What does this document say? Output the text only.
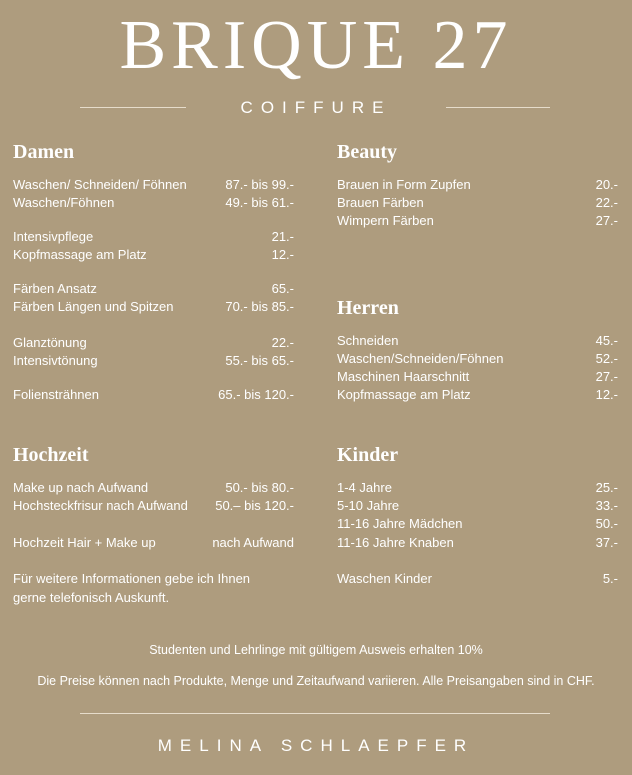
BRIQUE 27
COIFFURE
Damen
Waschen/ Schneiden/ Föhnen	87.- bis 99.-
Waschen/Föhnen	49.- bis 61.-
Intensivpflege	21.-
Kopfmassage am Platz	12.-
Färben Ansatz	65.-
Färben Längen und Spitzen	70.- bis 85.-
Glanztönung	22.-
Intensivtönung	55.- bis 65.-
Foliensträhnen	65.- bis 120.-
Beauty
Brauen in Form Zupfen	20.-
Brauen Färben	22.-
Wimpern Färben	27.-
Herren
Schneiden	45.-
Waschen/Schneiden/Föhnen	52.-
Maschinen Haarschnitt	27.-
Kopfmassage am Platz	12.-
Hochzeit
Make up nach Aufwand	50.- bis 80.-
Hochsteckfrisur nach Aufwand 50.– bis 120.-
Hochzeit Hair + Make up	nach Aufwand
Für weitere Informationen gebe ich Ihnen
gerne telefonisch Auskunft.
Kinder
1-4 Jahre	25.-
5-10 Jahre	33.-
11-16 Jahre Mädchen	50.-
11-16 Jahre Knaben	37.-
Waschen Kinder	5.-
Studenten und Lehrlinge mit gültigem Ausweis erhalten 10%
Die Preise können nach Produkte, Menge und Zeitaufwand variieren. Alle Preisangaben sind in CHF.
MELINA SCHLAEPFER
